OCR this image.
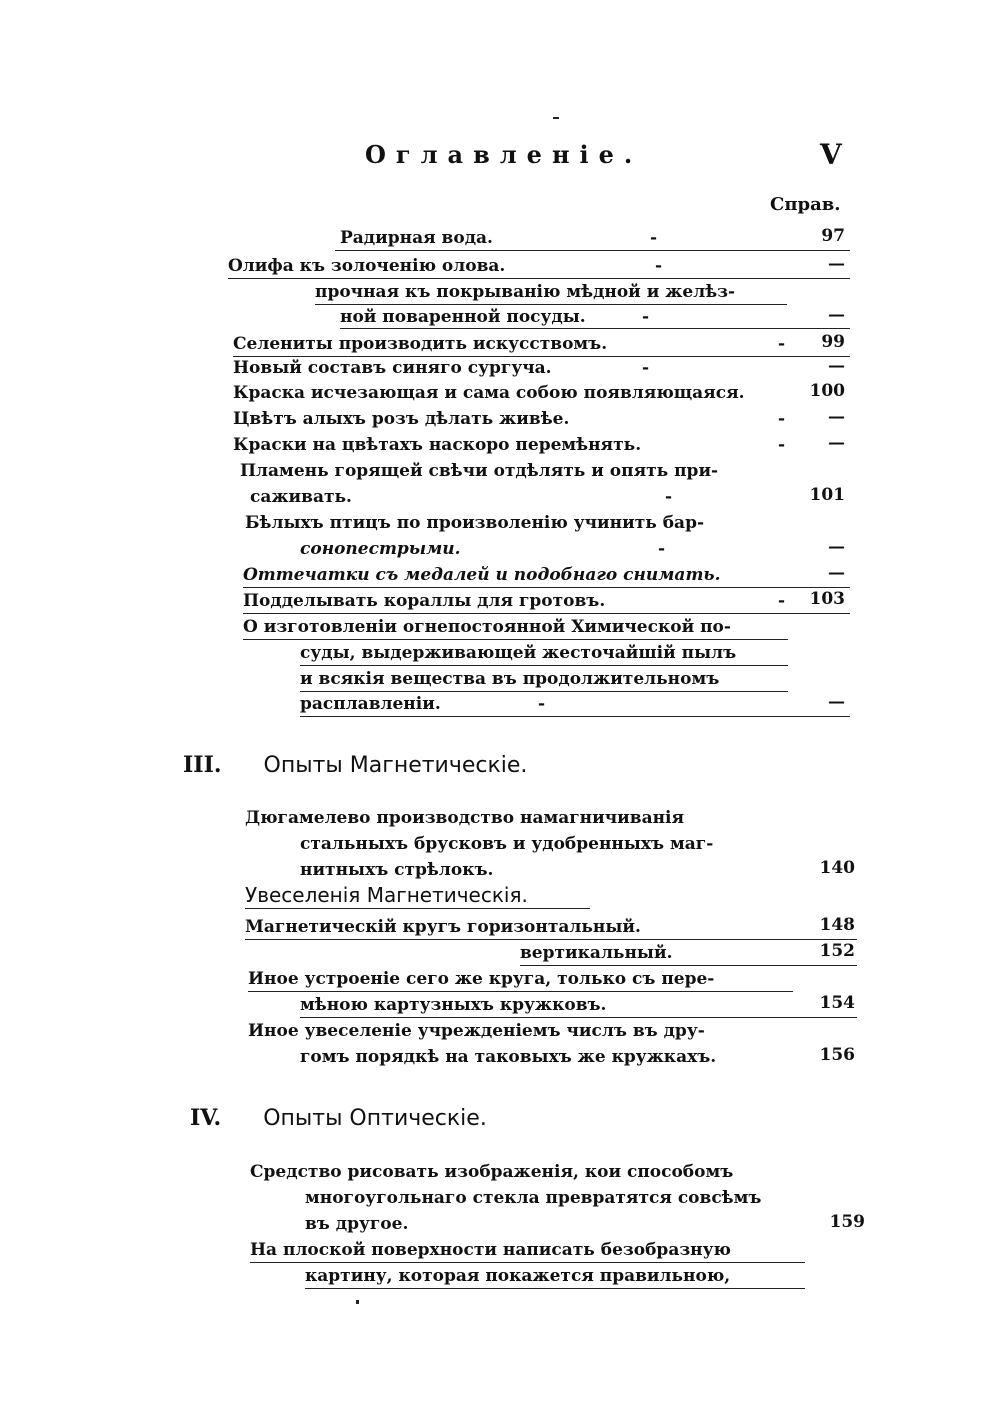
Оглавленіе.	V
Справ.
Радирная вода.	-	97
Олифа къ золоченію олова.	-	—
прочная къ покрыванію мѣдной и желѣз-
ной поваренной посуды.	-	—
Селениты производить искусствомъ.	-	99
Новый составъ синяго сургуча.	-	—
Краска исчезающая и сама собою появляющаяся.	100
Цвѣтъ алыхъ розъ дѣлать живѣе.	-	—
Краски на цвѣтахъ наскоро перемѣнять.	-	—
Пламень горящей свѣчи отдѣлять и опять при-
саживать.	-	101
Бѣлыхъ птицъ по произволенію учинить бар-
сонопестрыми.	-	—
Оттечатки съ медалей и подобнаго снимать.	—
Подделывать кораллы для гротовъ.	-	103
О изготовленіи огнепостоянной Химической по-
суды, выдерживающей жесточайшій пылъ
и всякія вещества въ продолжительномъ
расплавленіи.	-	—
III. Опыты Магнетическіе.
Дюгамелево производство намагничиванія
стальныхъ брусковъ и удобренныхъ маг-
нитныхъ стрѣлокъ.	140
Увеселенія Магнетическія.
Магнетическій кругъ горизонтальный.	148
вертикальный.	152
Иное устроеніе сего же круга, только съ пере-
мѣною картузныхъ кружковъ.	154
Иное увеселеніе учрежденіемъ числъ въ дру-
гомъ порядкѣ на таковыхъ же кружкахъ.	156
IV. Опыты Оптическіе.
Средство рисовать изображенія, кои способомъ
многоугольнаго стекла превратятся совсѣмъ
въ другое.	159
На плоской поверхности написать безобразную
картину, которая покажется правильною,
